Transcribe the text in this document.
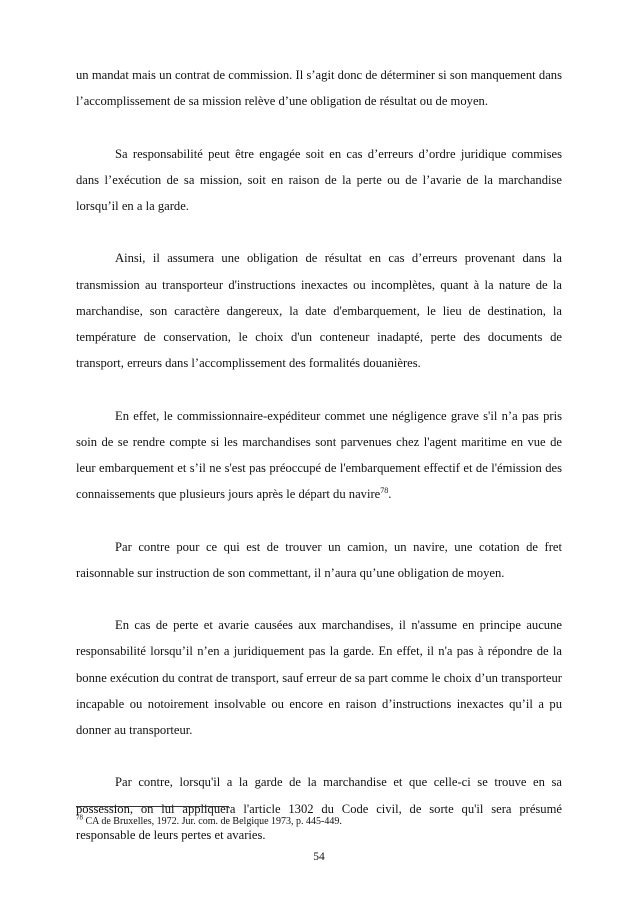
un mandat mais un contrat de commission. Il s’agit donc de déterminer si son manquement dans l’accomplissement de sa mission relève d’une obligation de résultat ou de moyen.

Sa responsabilité peut être engagée soit en cas d’erreurs d’ordre juridique commises dans l’exécution de sa mission, soit en raison de la perte ou de l’avarie de la marchandise lorsqu’il en a la garde.

Ainsi, il assumera une obligation de résultat en cas d’erreurs provenant dans la transmission au transporteur d'instructions inexactes ou incomplètes, quant à la nature de la marchandise, son caractère dangereux, la date d'embarquement, le lieu de destination, la température de conservation, le choix d'un conteneur inadapté, perte des documents de transport, erreurs dans l’accomplissement des formalités douanières.

En effet, le commissionnaire-expéditeur commet une négligence grave s'il n’a pas pris soin de se rendre compte si les marchandises sont parvenues chez l'agent maritime en vue de leur embarquement et s’il ne s'est pas préoccupé de l'embarquement effectif et de l'émission des connaissements que plusieurs jours après le départ du navire$^{78}$.

Par contre pour ce qui est de trouver un camion, un navire, une cotation de fret raisonnable sur instruction de son commettant, il n’aura qu’une obligation de moyen.

En cas de perte et avarie causées aux marchandises, il n'assume en principe aucune responsabilité lorsqu’il n’en a juridiquement pas la garde. En effet, il n'a pas à répondre de la bonne exécution du contrat de transport, sauf erreur de sa part comme le choix d’un transporteur incapable ou notoirement insolvable ou encore en raison d’instructions inexactes qu’il a pu donner au transporteur.

Par contre, lorsqu'il a la garde de la marchandise et que celle-ci se trouve en sa possession, on lui appliquera l'article 1302 du Code civil, de sorte qu'il sera présumé responsable de leurs pertes et avaries.

$^{78}$ CA de Bruxelles, 1972. Jur. com. de Belgique 1973, p. 445-449.
54
